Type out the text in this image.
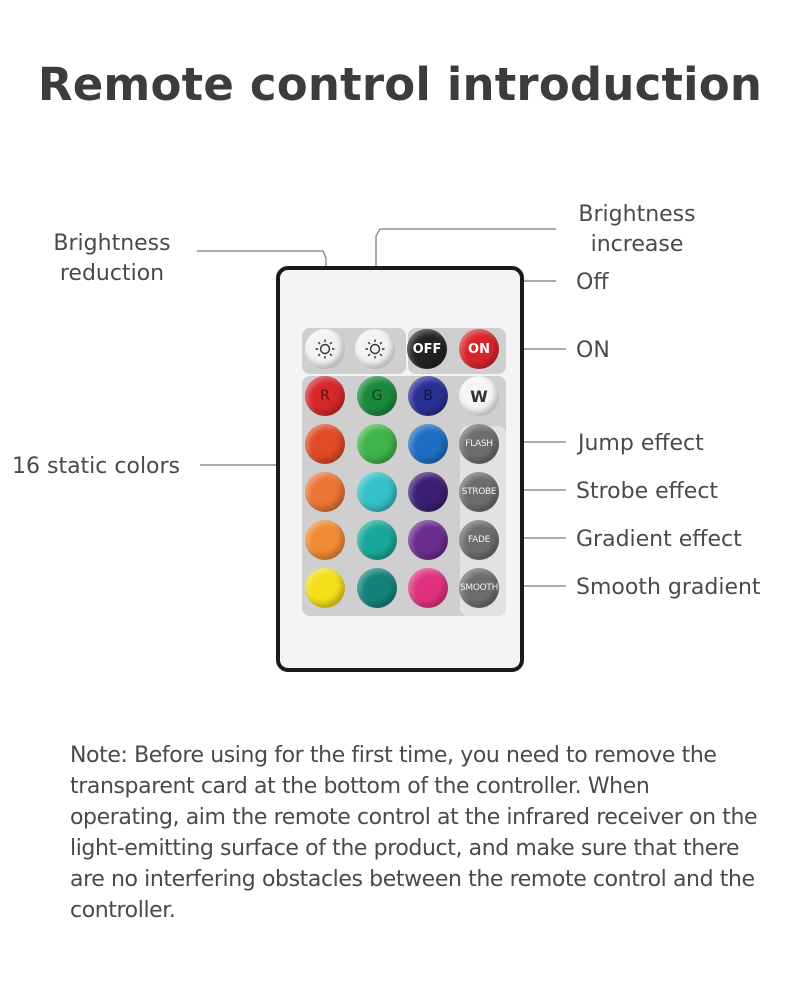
Remote control introduction
Brightness
reduction
Brightness
increase
Off
ON
16 static colors
Jump effect
Strobe effect
Gradient effect
Smooth gradient
OFF ON
R	G	B W
FLASH
STROBE
FADE
SMOOTH

Note: Before using for the first time, you need to remove the transparent card at the bottom of the controller. When operating, aim the remote control at the infrared receiver on the light-emitting surface of the product, and make sure that there are no interfering obstacles between the remote control and the controller.
